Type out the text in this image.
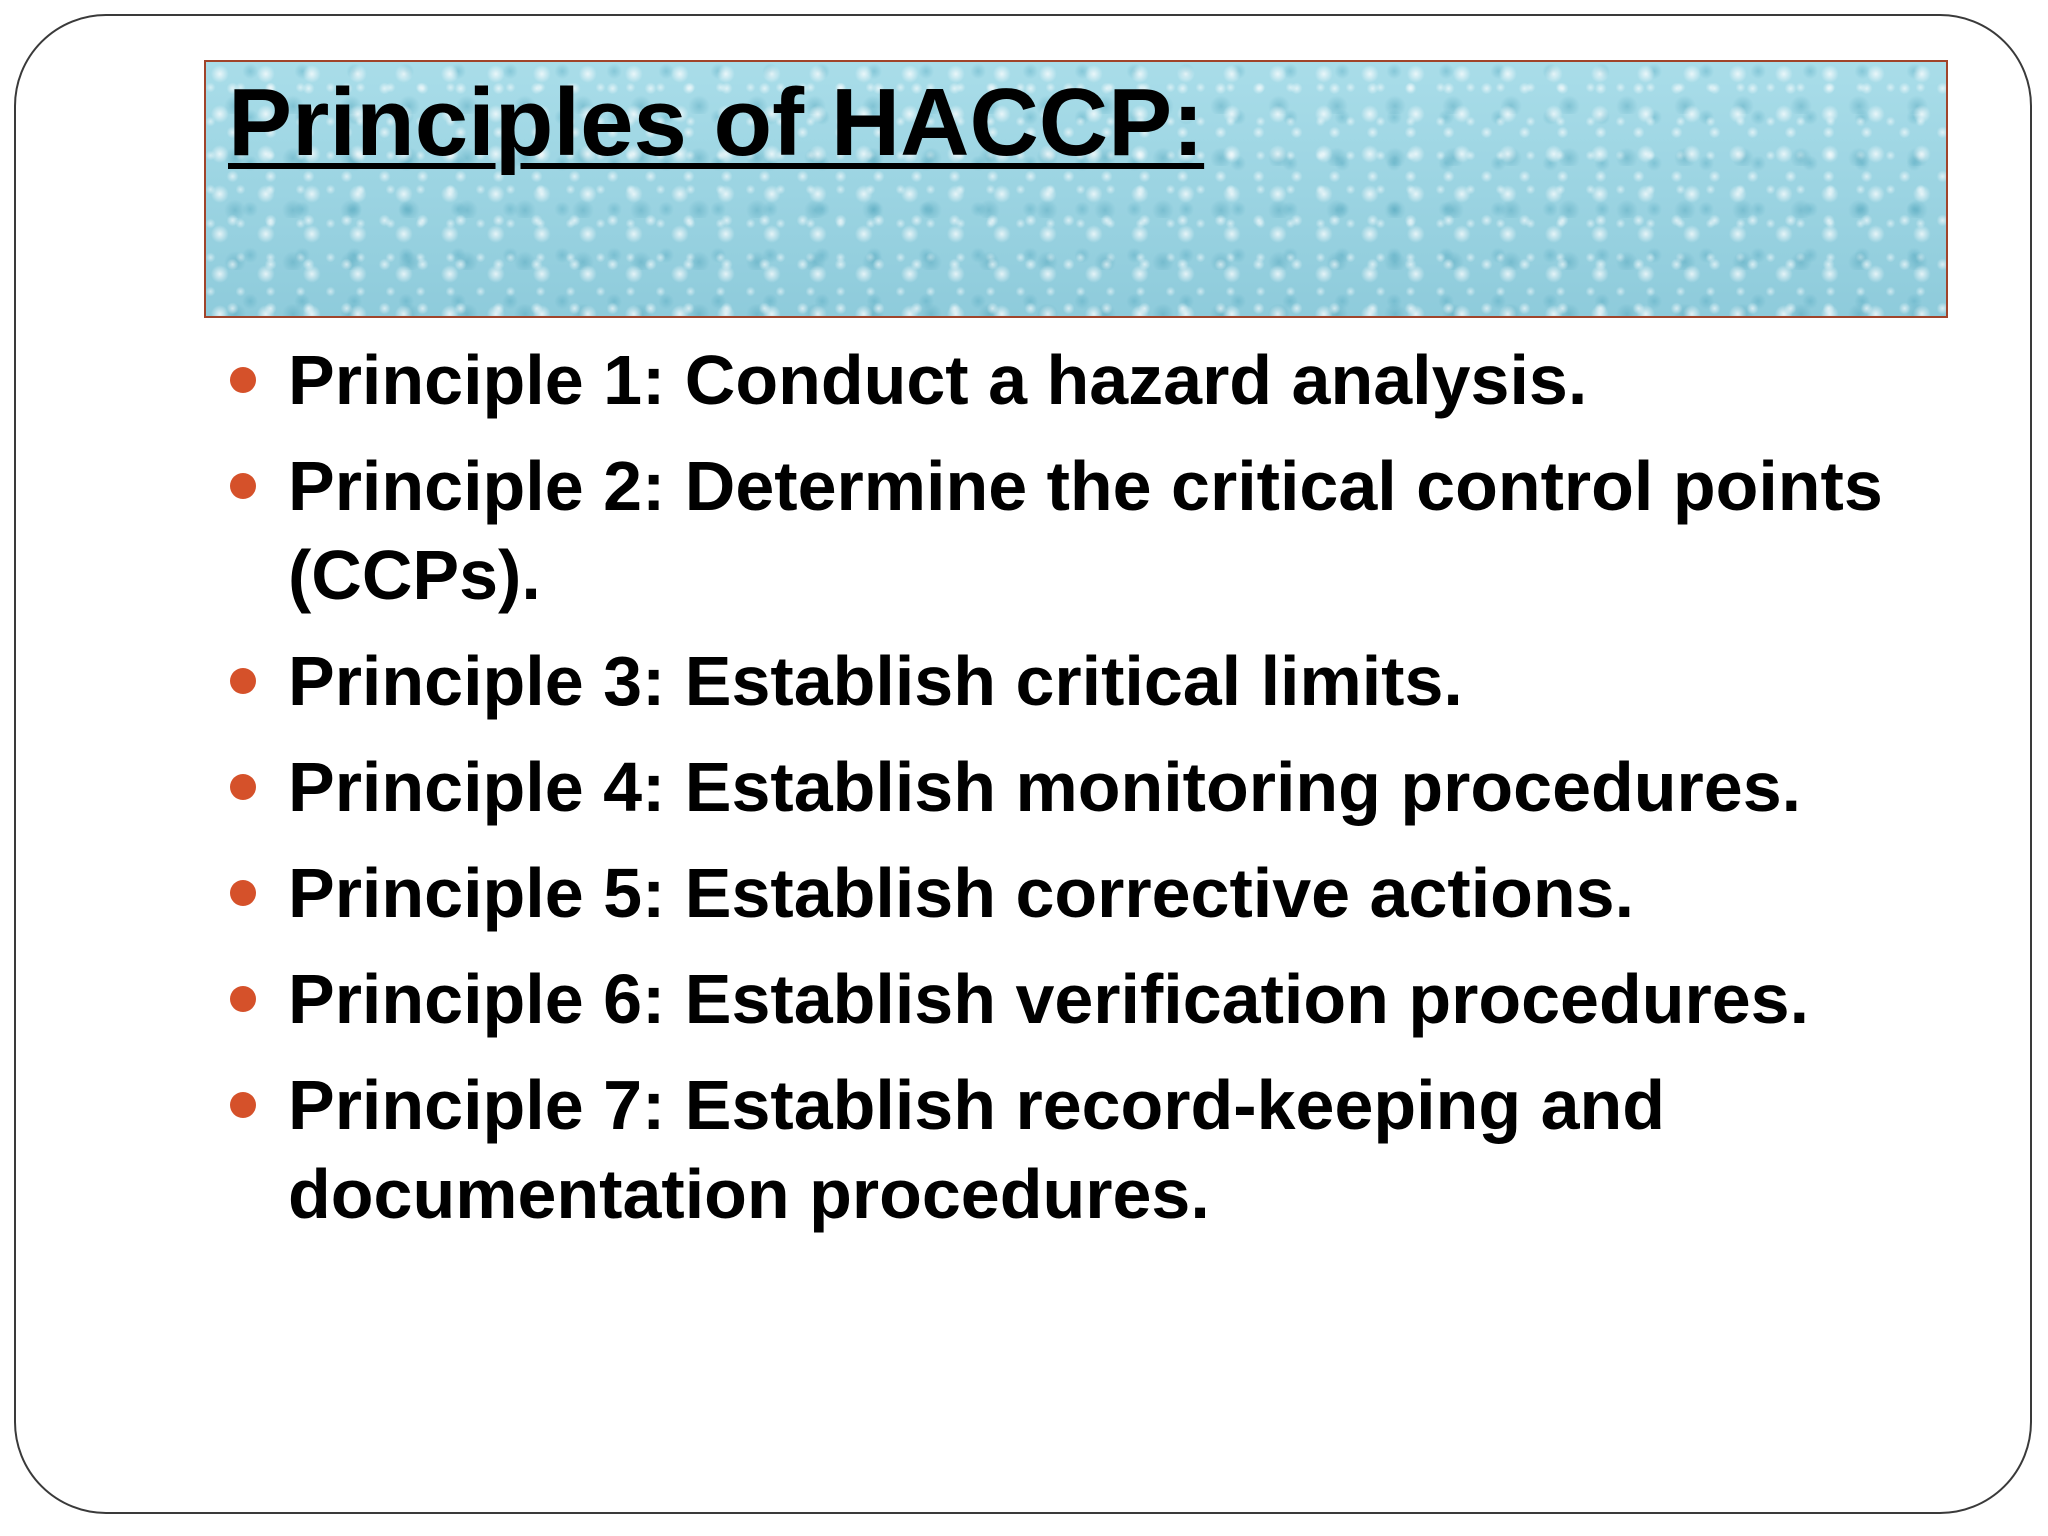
Principles of HACCP:
Principle 1: Conduct a hazard analysis.
Principle 2: Determine the critical control points (CCPs).
Principle 3: Establish critical limits.
Principle 4: Establish monitoring procedures.
Principle 5: Establish corrective actions.
Principle 6: Establish verification procedures.
Principle 7: Establish record-keeping and documentation procedures.
